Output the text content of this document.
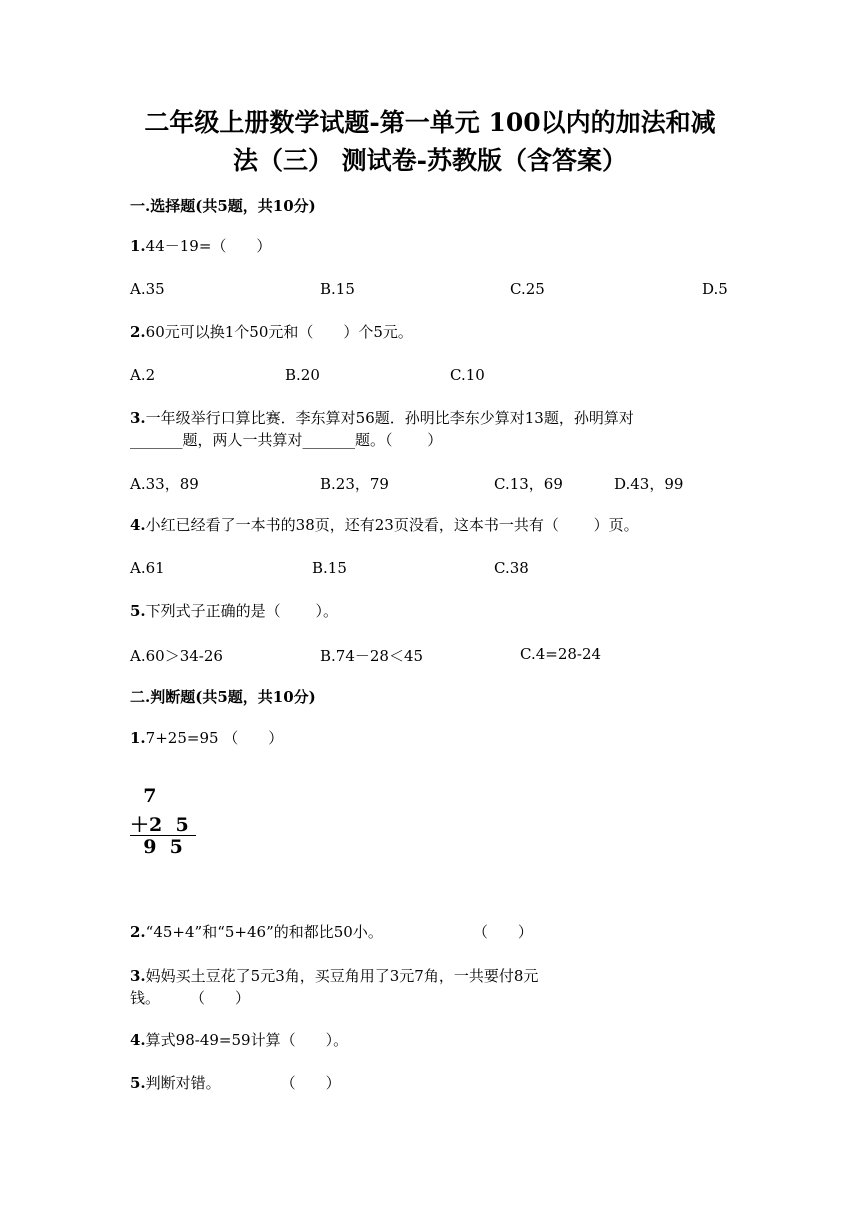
二年级上册数学试题-第一单元 100以内的加法和减
法（三） 测试卷-苏教版（含答案）
一.选择题(共5题，共10分)
1.44－19=（　　）
A.35	B.15	C.25	D.5
2.60元可以换1个50元和（　　）个5元。
A.2	B.20	C.10
3.一年级举行口算比赛．李东算对56题．孙明比李东少算对13题，孙明算对
_______题，两人一共算对_______题。（　　 ）
A.33，89	B.23，79	C.13，69	D.43，99
4.小红已经看了一本书的38页，还有23页没看，这本书一共有（　　 ）页。
A.61	B.15	C.38
5.下列式子正确的是（　　 ）。
A.60＞34-26	B.74－28＜45	C.4=28-24
二.判断题(共5题，共10分)
1.7+25=95 （　　）
7
＋2  5
9  5
2.“45+4”和“5+46”的和都比50小。　　　　　　　（　　）
3.妈妈买土豆花了5元3角，买豆角用了3元7角，一共要付8元
钱。　　　（　　）
4.算式98-49=59计算（　　）。
5.判断对错。　　　　　（　　）
